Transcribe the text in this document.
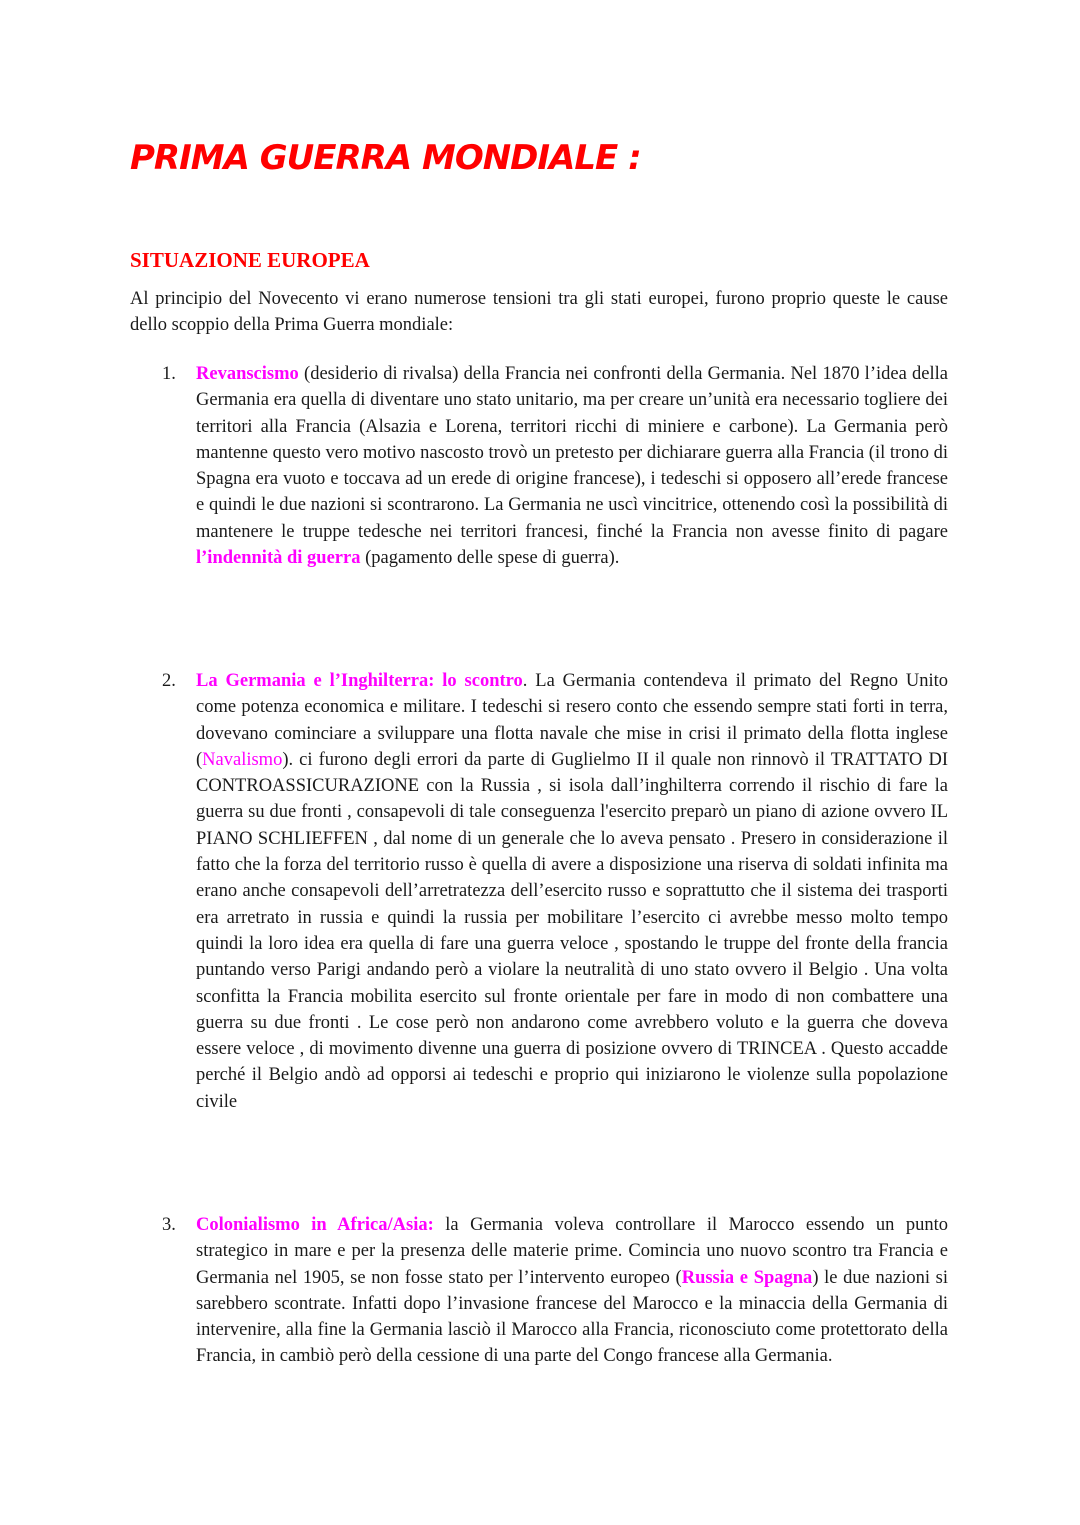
PRIMA GUERRA MONDIALE :
SITUAZIONE EUROPEA

Al principio del Novecento vi erano numerose tensioni tra gli stati europei, furono proprio queste le cause dello scoppio della Prima Guerra mondiale:

1. Revanscismo (desiderio di rivalsa) della Francia nei confronti della Germania. Nel 1870 l’idea della Germania era quella di diventare uno stato unitario, ma per creare un’unità era necessario togliere dei territori alla Francia (Alsazia e Lorena, territori ricchi di miniere e carbone). La Germania però mantenne questo vero motivo nascosto trovò un pretesto per dichiarare guerra alla Francia (il trono di Spagna era vuoto e toccava ad un erede di origine francese), i tedeschi si opposero all’erede francese e quindi le due nazioni si scontrarono. La Germania ne uscì vincitrice, ottenendo così la possibilità di mantenere le truppe tedesche nei territori francesi, finché la Francia non avesse finito di pagare l’indennità di guerra (pagamento delle spese di guerra).
2. La Germania e l’Inghilterra: lo scontro. La Germania contendeva il primato del Regno Unito come potenza economica e militare. I tedeschi si resero conto che essendo sempre stati forti in terra, dovevano cominciare a sviluppare una flotta navale che mise in crisi il primato della flotta inglese (Navalismo). ci furono degli errori da parte di Guglielmo II il quale non rinnovò il TRATTATO DI CONTROASSICURAZIONE con la Russia , si isola dall’inghilterra correndo il rischio di fare la guerra su due fronti , consapevoli di tale conseguenza l'esercito preparò un piano di azione ovvero IL PIANO SCHLIEFFEN , dal nome di un generale che lo aveva pensato . Presero in considerazione il fatto che la forza del territorio russo è quella di avere a disposizione una riserva di soldati infinita ma erano anche consapevoli dell’arretratezza dell’esercito russo e soprattutto che il sistema dei trasporti era arretrato in russia e quindi la russia per mobilitare l’esercito ci avrebbe messo molto tempo quindi la loro idea era quella di fare una guerra veloce , spostando le truppe del fronte della francia puntando verso Parigi andando però a violare la neutralità di uno stato ovvero il Belgio . Una volta sconfitta la Francia mobilita esercito sul fronte orientale per fare in modo di non combattere una guerra su due fronti . Le cose però non andarono come avrebbero voluto e la guerra che doveva essere veloce , di movimento divenne una guerra di posizione ovvero di TRINCEA . Questo accadde perché il Belgio andò ad opporsi ai tedeschi e proprio qui iniziarono le violenze sulla popolazione civile
3. Colonialismo in Africa/Asia: la Germania voleva controllare il Marocco essendo un punto strategico in mare e per la presenza delle materie prime. Comincia uno nuovo scontro tra Francia e Germania nel 1905, se non fosse stato per l’intervento europeo (Russia e Spagna) le due nazioni si sarebbero scontrate. Infatti dopo l’invasione francese del Marocco e la minaccia della Germania di intervenire, alla fine la Germania lasciò il Marocco alla Francia, riconosciuto come protettorato della Francia, in cambiò però della cessione di una parte del Congo francese alla Germania.
